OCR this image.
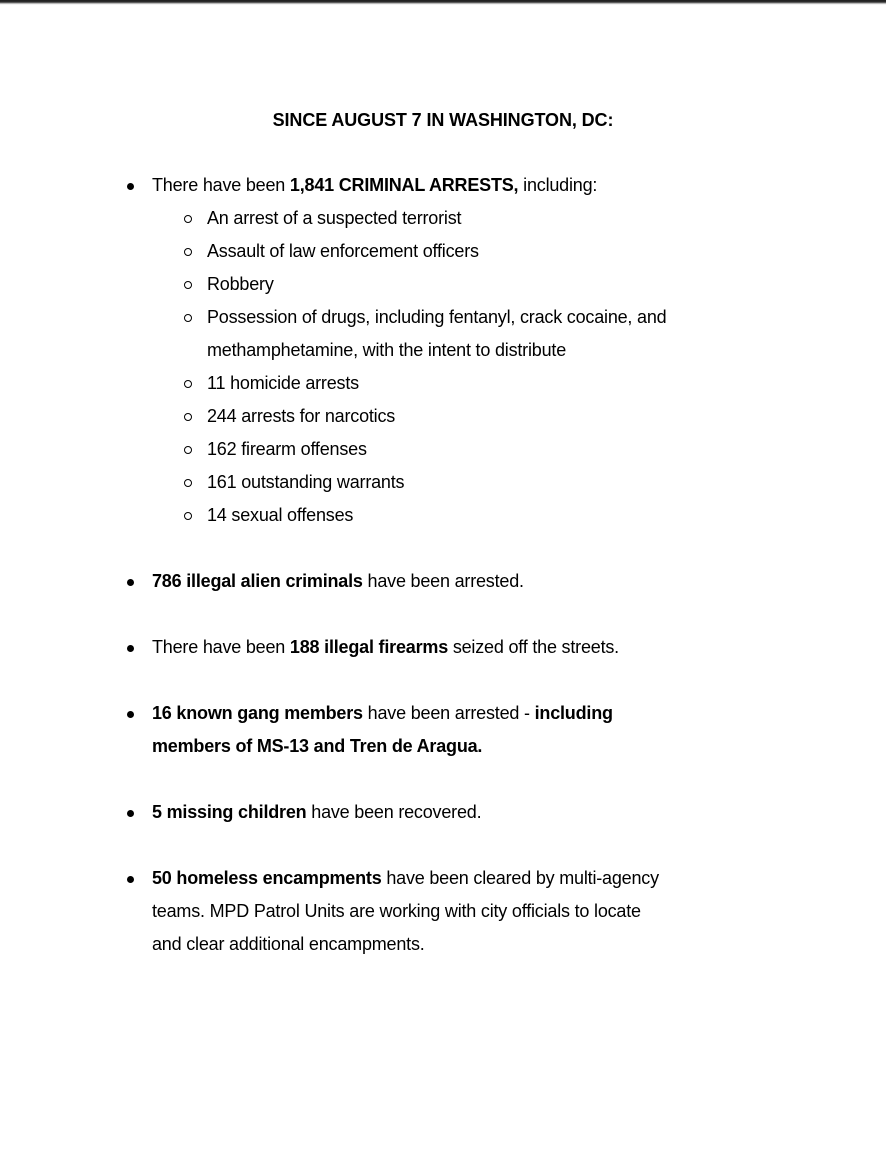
SINCE AUGUST 7 IN WASHINGTON, DC:
There have been 1,841 CRIMINAL ARRESTS, including:
An arrest of a suspected terrorist
Assault of law enforcement officers
Robbery
Possession of drugs, including fentanyl, crack cocaine, and
methamphetamine, with the intent to distribute
11 homicide arrests
244 arrests for narcotics
162 firearm offenses
161 outstanding warrants
14 sexual offenses
786 illegal alien criminals have been arrested.
There have been 188 illegal firearms seized off the streets.
16 known gang members have been arrested - including
members of MS-13 and Tren de Aragua.
5 missing children have been recovered.
50 homeless encampments have been cleared by multi-agency
teams. MPD Patrol Units are working with city officials to locate
and clear additional encampments.
